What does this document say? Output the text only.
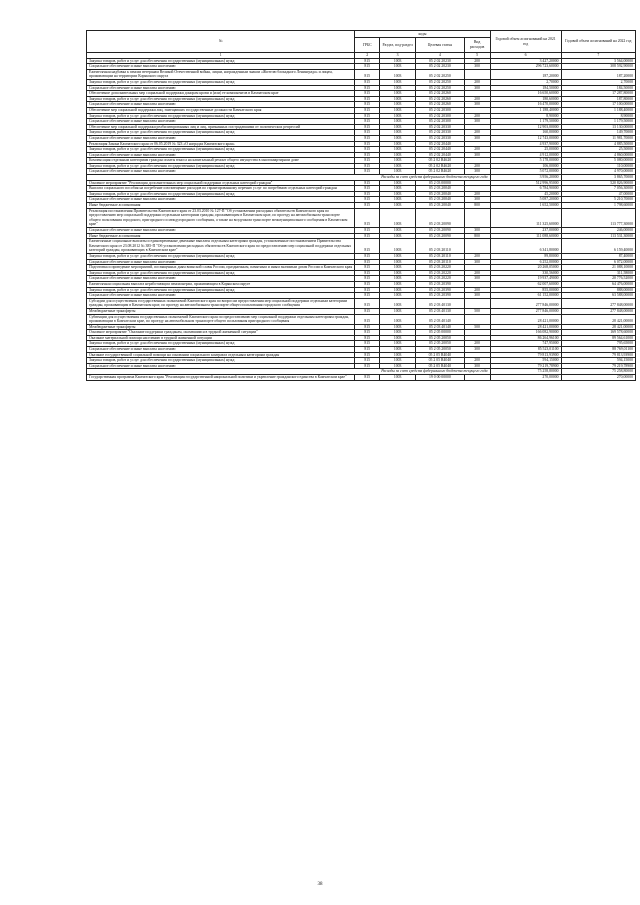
№	коды				Годовой объем ассигнований на 2021 год	Годовой объем ассигнований на 2022 год
	ГРБС	Раздел, под-раздел	Целевая статья	Вид расходов		
1	2	3	4	5	6	7
Закупка товаров, работ и услуг для обеспечения государственных (муниципальных) нужд	815	1003	05 2 02 20230	200	3 427,20000	3 564,00000
Социальное обеспечение и иные выплаты населению	815	1003	05 2 02 20230	300	296 723,60000	308 592,90000
Ежемесячная надбавка к пенсии ветеранам Великой Отечественной войны, лицам, награжденным знаком «Жителю блокадного Ленинграда» и лицам, проживающим на территории Корякского округа	815	1003	05 2 02 20250		187,20000	187,20000
Закупка товаров, работ и услуг для обеспечения государственных (муниципальных) нужд	815	1003	05 2 02 20250	200	2,70000	2,70000
Социальное обеспечение и иные выплаты населению	815	1003	05 2 02 20250	300	184,50000	184,50000
Обеспечение дополнительных мер социальной поддержки донорам крови и (или) ее компонентов в Камчатском крае	815	1003	05 2 02 20260		16 650,60000	17 287,80000
Закупка товаров, работ и услуг для обеспечения государственных (муниципальных) нужд	815	1003	05 2 02 20260	200	180,60000	187,80000
Социальное обеспечение и иные выплаты населению	815	1003	05 2 02 20260	300	16 470,00000	17 100,00000
Обеспечение мер социальной поддержки лиц, замещавших государственные должности Камчатского края	815	1003	05 2 02 20300		1 188,40000	1 188,40000
Закупка товаров, работ и услуг для обеспечения государственных (муниципальных) нужд	815	1003	05 2 02 20300	200	8,90000	8,90000
Социальное обеспечение и иные выплаты населению	815	1003	05 2 02 20300	300	1 179,50000	1 179,50000
Обеспечение мер социальной поддержки реабилитированных лиц и лиц, признанных пострадавшими от политических репрессий	815	1003	05 2 02 20330		12 903,00000	13 130,00000
Закупка товаров, работ и услуг для обеспечения государственных (муниципальных) нужд	815	1003	05 2 02 20330	200	160,00000	149,70000
Социальное обеспечение и иные выплаты населению	815	1003	05 2 02 20330	300	12 743,00000	11 981,70000
Реализация Закона Камчатского края от 06.05.2019 № 323 «О наградах Камчатского края»	815	1003	05 2 02 20440		4 937,90000	4 885,50000
Закупка товаров, работ и услуг для обеспечения государственных (муниципальных) нужд	815	1003	05 2 02 20440	200	25,00000	25,50000
Социальное обеспечение и иные выплаты населению	815	1003	05 2 02 20440	300	4 912,00000	4 860,00000
Компенсация отдельным категориям граждан оплаты взноса на капитальный ремонт общего имущества в многоквартирном доме	815	1003	05 2 02 R4620		5 178,00000	5 080,00000
Закупка товаров, работ и услуг для обеспечения государственных (муниципальных) нужд	815	1003	05 2 02 R4620	200	106,00000	110,00000
Социальное обеспечение и иные выплаты населению	815	1003	05 2 02 R4620	300	5 072,00000	4 970,00000
Расходы за счет средств федерального бюджета текущего года					3 956,20000	3 865,70000
Основное мероприятие "Реализация дополнительных мер социальной поддержки отдельных категорий граждан"	815	1003	05 2 03 00000		512 996,95000	520 826,90000
Выплата социального пособия на погребение и возмещение расходов по гарантированному перечню услуг по погребению отдельных категорий граждан	815	1003	05 2 03 20040		6 784,90000	7 056,30000
Закупка товаров, работ и услуг для обеспечения государственных (муниципальных) нужд	815	1003	05 2 03 20040	200	45,20000	47,00000
Социальное обеспечение и иные выплаты населению	815	1003	05 2 03 20040	300	5 087,20000	5 210,70000
Иные бюджетные ассигнования	815	1003	05 2 03 20040	800	1 652,50000	1 798,60000
Реализация постановления Правительства Камчатского края от 23.03.2010 № 127-П "Об установлении расходных обязательств Камчатского края по предоставлению мер социальной поддержки отдельным категориям граждан, проживающим в Камчатском крае, по проезду на автомобильном транспорте общего пользования городского, пригородного и междугородного сообщения, а также на воздушном транспорте межмуниципального сообщения в Камчатском крае"	815	1003	05 2 03 20090		111 325,60000	113 777,30000
Социальное обеспечение и иные выплаты населению	815	1003	05 2 03 20090	300	237,00000	246,00000
Иные бюджетные ассигнования	815	1003	05 2 03 20090	800	111 088,60000	113 531,30000
Ежемесячные социальные выплаты и единовременные денежные выплаты отдельным категориям граждан, установленные постановлением Правительства Камчатского края от 23.08.2012 № 385-П "Об установлении расходных обязательств Камчатского края по предоставлению мер социальной поддержки отдельных категорий граждан, проживающих в Камчатском крае"	815	1003	05 2 03 20110		6 341,80000	6 159,40000
Закупка товаров, работ и услуг для обеспечения государственных (муниципальных) нужд	815	1003	05 2 03 20110	200	89,80000	87,40000
Социальное обеспечение и иные выплаты населению	815	1003	05 2 03 20110	300	6 252,00000	6 072,00000
Подготовка и проведение мероприятий, посвященных дням воинской славы России, праздничным, памятным и иным значимым датам России и Камчатского края	815	1003	05 2 03 20220		20 268,05000	21 088,10000
Закупка товаров, работ и услуг для обеспечения государственных (муниципальных) нужд	815	1003	05 2 03 20220	200	330,56000	311,58000
Социальное обеспечение и иные выплаты населению	815	1003	05 2 03 20220	300	19 937,49000	20 776,52000
Ежемесячная социальная выплата неработающим пенсионерам, проживающим в Корякском округе	815	1003	05 2 03 20390		62 007,60000	64 476,00000
Закупка товаров, работ и услуг для обеспечения государственных (муниципальных) нужд	815	1003	05 2 03 20390	200	855,00000	888,00000
Социальное обеспечение и иные выплаты населению	815	1003	05 2 03 20390	300	61 152,00000	63 588,00000
Субсидии для осуществления государственных полномочий Камчатского края по вопросам предоставления мер социальной поддержки отдельным категориям граждан, проживающим в Камчатском крае, по проезду на автомобильном транспорте общего пользования городского сообщения	815	1003	05 2 03 40130		277 846,00000	277 848,00000
Межбюджетные трансферты	815	1003	05 2 03 40130	500	277 846,00000	277 848,00000
Субвенции для осуществления государственных полномочий Камчатского края по предоставлению мер социальной поддержки отдельным категориям граждан, проживающим в Камчатском крае, по проезду на автомобильном транспорте общего пользования пригородного сообщения	815	1003	05 2 03 40140		28 421,00000	28 421,00000
Межбюджетные трансферты	815	1003	05 2 03 40140	500	28 421,00000	28 421,00000
Основное мероприятие "Оказание поддержки гражданам, оказавшимся в трудной жизненной ситуации"	815	1003	05 2 05 00000		166 082,90000	169 578,60000
Оказание материальной помощи населению в трудной жизненной ситуации	815	1003	05 2 05 20050		86 264,96100	89 564,61000
Закупка товаров, работ и услуг для обеспечения государственных (муниципальных) нужд	815	1003	05 2 05 20050	200	747,95000	795,65000
Социальное обеспечение и иные выплаты населению	815	1003	05 2 05 20050	300	85 523,01100	88 769,01100
Оказание государственной социальной помощи на основании социального контракта отдельным категориям граждан	815	1003	05 2 05 R4040		79 813,93900	79 813,93900
Закупка товаров, работ и услуг для обеспечения государственных (муниципальных) нужд	815	1003	05 2 05 R4040	200	594,15000	594,15000
Социальное обеспечение и иные выплаты населению	815	1003	05 2 05 R4040	300	79 219,78900	79 219,78900
Расходы за счет средств федерального бюджета текущего года					75 258,80000	75 258,80000
Государственная программа Камчатского края "Реализация государственной национальной политики и укрепление гражданского единства в Камчатском крае"	815	1003	19 0 00 00000		270,00000	270,00000
38
